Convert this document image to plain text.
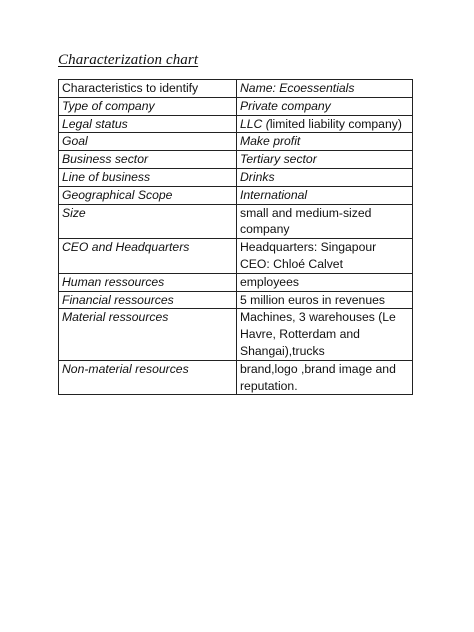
Characterization chart
Characteristics to identify	Name: Ecoessentials
Type of company	Private company
Legal status	LLC (limited liability company)
Goal	Make profit
Business sector	Tertiary sector
Line of business	Drinks
Geographical Scope	International
Size	small and medium-sized company
CEO and Headquarters	Headquarters: Singapour
CEO: Chloé Calvet

Human ressources	employees
Financial ressources	5 million euros in revenues
Material ressources	Machines, 3 warehouses (Le Havre, Rotterdam and Shangai),trucks
Non-material resources	brand,logo ,brand image and reputation.
